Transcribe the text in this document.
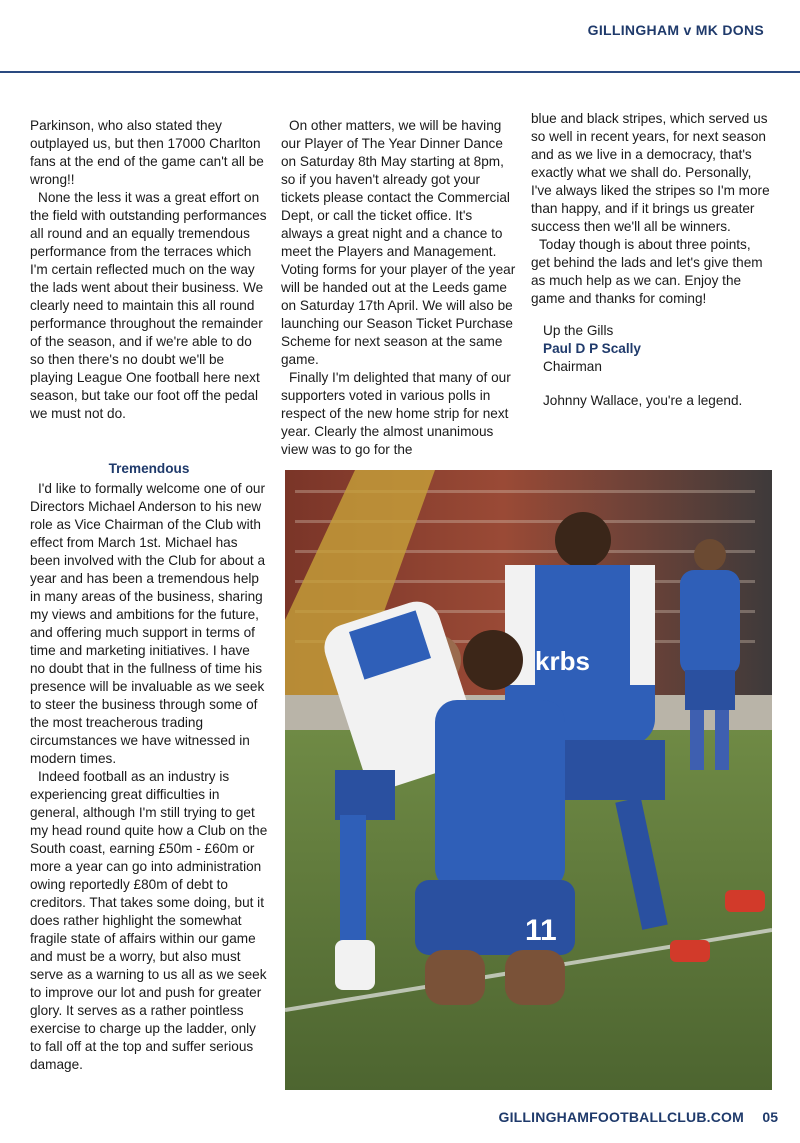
GILLINGHAM v MK DONS

Parkinson, who also stated they outplayed us, but then 17000 Charlton fans at the end of the game can't all be wrong!!

None the less it was a great effort on the field with outstanding performances all round and an equally tremendous performance from the terraces which I'm certain reflected much on the way the lads went about their business. We clearly need to maintain this all round performance throughout the remainder of the season, and if we're able to do so then there's no doubt we'll be playing League One football here next season, but take our foot off the pedal we must not do.

On other matters, we will be having our Player of The Year Dinner Dance on Saturday 8th May starting at 8pm, so if you haven't already got your tickets please contact the Commercial Dept, or call the ticket office. It's always a great night and a chance to meet the Players and Management. Voting forms for your player of the year will be handed out at the Leeds game on Saturday 17th April. We will also be launching our Season Ticket Purchase Scheme for next season at the same game.

Finally I'm delighted that many of our supporters voted in various polls in respect of the new home strip for next year. Clearly the almost unanimous view was to go for the

blue and black stripes, which served us so well in recent years, for next season and as we live in a democracy, that's exactly what we shall do. Personally, I've always liked the stripes so I'm more than happy, and if it brings us greater success then we'll all be winners.

Today though is about three points, get behind the lads and let's give them as much help as we can. Enjoy the game and thanks for coming!

Up the Gills
Paul D P Scally
Chairman
Johnny Wallace, you're a legend.
Tremendous

I'd like to formally welcome one of our Directors Michael Anderson to his new role as Vice Chairman of the Club with effect from March 1st. Michael has been involved with the Club for about a year and has been a tremendous help in many areas of the business, sharing my views and ambitions for the future, and offering much support in terms of time and marketing initiatives. I have no doubt that in the fullness of time his presence will be invaluable as we seek to steer the business through some of the most treacherous trading circumstances we have witnessed in modern times.

Indeed football as an industry is experiencing great difficulties in general, although I'm still trying to get my head round quite how a Club on the South coast, earning £50m - £60m or more a year can go into administration owing reportedly £80m of debt to creditors. That takes some doing, but it does rather highlight the somewhat fragile state of affairs within our game and must be a worry, but also must serve as a warning to us all as we seek to improve our lot and push for greater glory. It serves as a rather pointless exercise to charge up the ladder, only to fall off at the top and suffer serious damage.

krbs
11
GILLINGHAMFOOTBALLCLUB.COM 05
